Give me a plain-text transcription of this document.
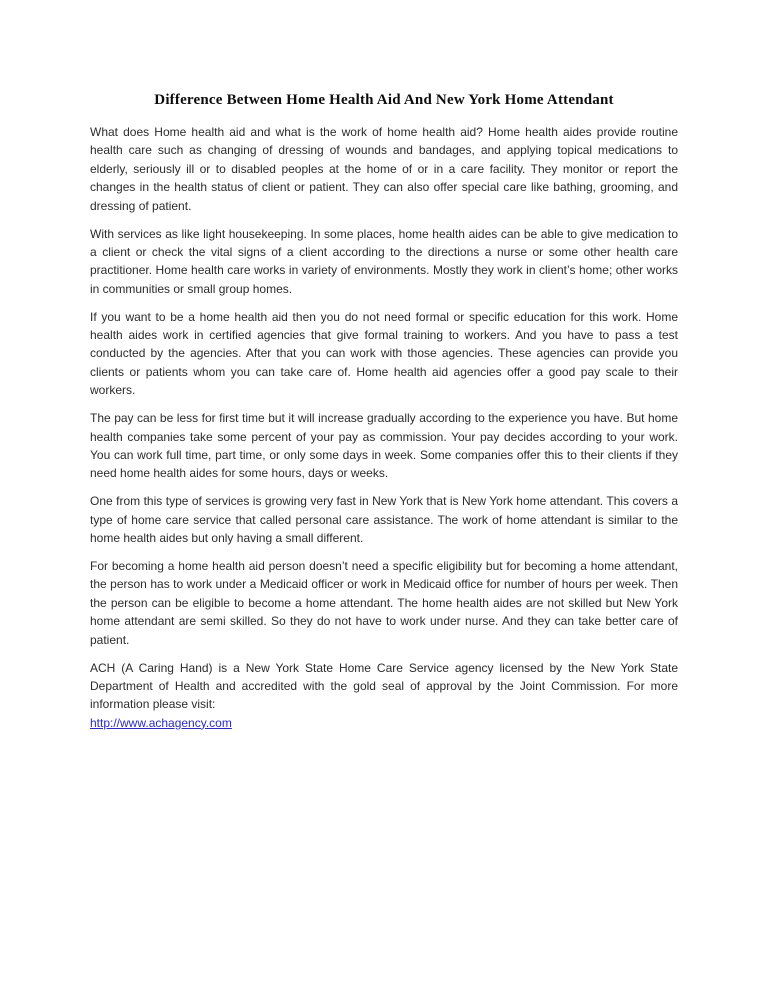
Difference Between Home Health Aid And New York Home Attendant

What does Home health aid and what is the work of home health aid? Home health aides provide routine health care such as changing of dressing of wounds and bandages, and applying topical medications to elderly, seriously ill or to disabled peoples at the home of or in a care facility. They monitor or report the changes in the health status of client or patient. They can also offer special care like bathing, grooming, and dressing of patient.

With services as like light housekeeping. In some places, home health aides can be able to give medication to a client or check the vital signs of a client according to the directions a nurse or some other health care practitioner. Home health care works in variety of environments. Mostly they work in client’s home; other works in communities or small group homes.

If you want to be a home health aid then you do not need formal or specific education for this work. Home health aides work in certified agencies that give formal training to workers. And you have to pass a test conducted by the agencies. After that you can work with those agencies. These agencies can provide you clients or patients whom you can take care of. Home health aid agencies offer a good pay scale to their workers.

The pay can be less for first time but it will increase gradually according to the experience you have. But home health companies take some percent of your pay as commission. Your pay decides according to your work. You can work full time, part time, or only some days in week. Some companies offer this to their clients if they need home health aides for some hours, days or weeks.

One from this type of services is growing very fast in New York that is New York home attendant. This covers a type of home care service that called personal care assistance. The work of home attendant is similar to the home health aides but only having a small different.

For becoming a home health aid person doesn’t need a specific eligibility but for becoming a home attendant, the person has to work under a Medicaid officer or work in Medicaid office for number of hours per week. Then the person can be eligible to become a home attendant. The home health aides are not skilled but New York home attendant are semi skilled. So they do not have to work under nurse. And they can take better care of patient.

ACH (A Caring Hand) is a New York State Home Care Service agency licensed by the New York State Department of Health and accredited with the gold seal of approval by the Joint Commission. For more information please visit:
http://www.achagency.com
